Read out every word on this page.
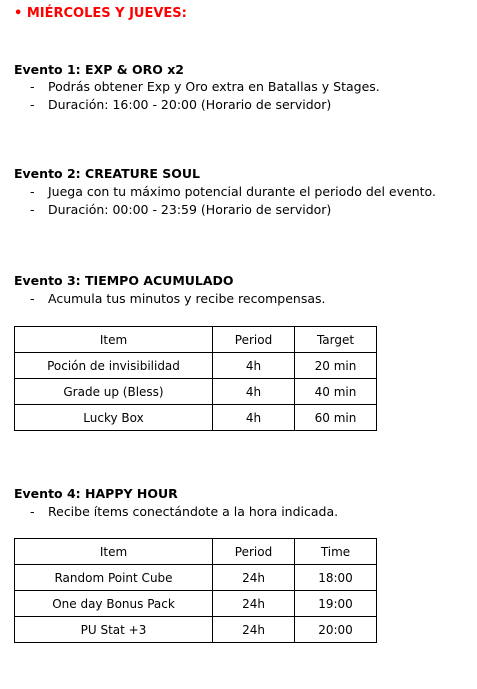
• MIÉRCOLES Y JUEVES:
Evento 1: EXP & ORO x2
- Podrás obtener Exp y Oro extra en Batallas y Stages.
- Duración: 16:00 - 20:00 (Horario de servidor)
Evento 2: CREATURE SOUL
- Juega con tu máximo potencial durante el periodo del evento.
- Duración: 00:00 - 23:59 (Horario de servidor)
Evento 3: TIEMPO ACUMULADO
- Acumula tus minutos y recibe recompensas.
Item	Period	Target
Poción de invisibilidad	4h	20 min
Grade up (Bless)	4h	40 min
Lucky Box	4h	60 min
Evento 4: HAPPY HOUR
- Recibe ítems conectándote a la hora indicada.
Item	Period	Time
Random Point Cube	24h	18:00
One day Bonus Pack	24h	19:00
PU Stat +3	24h	20:00
